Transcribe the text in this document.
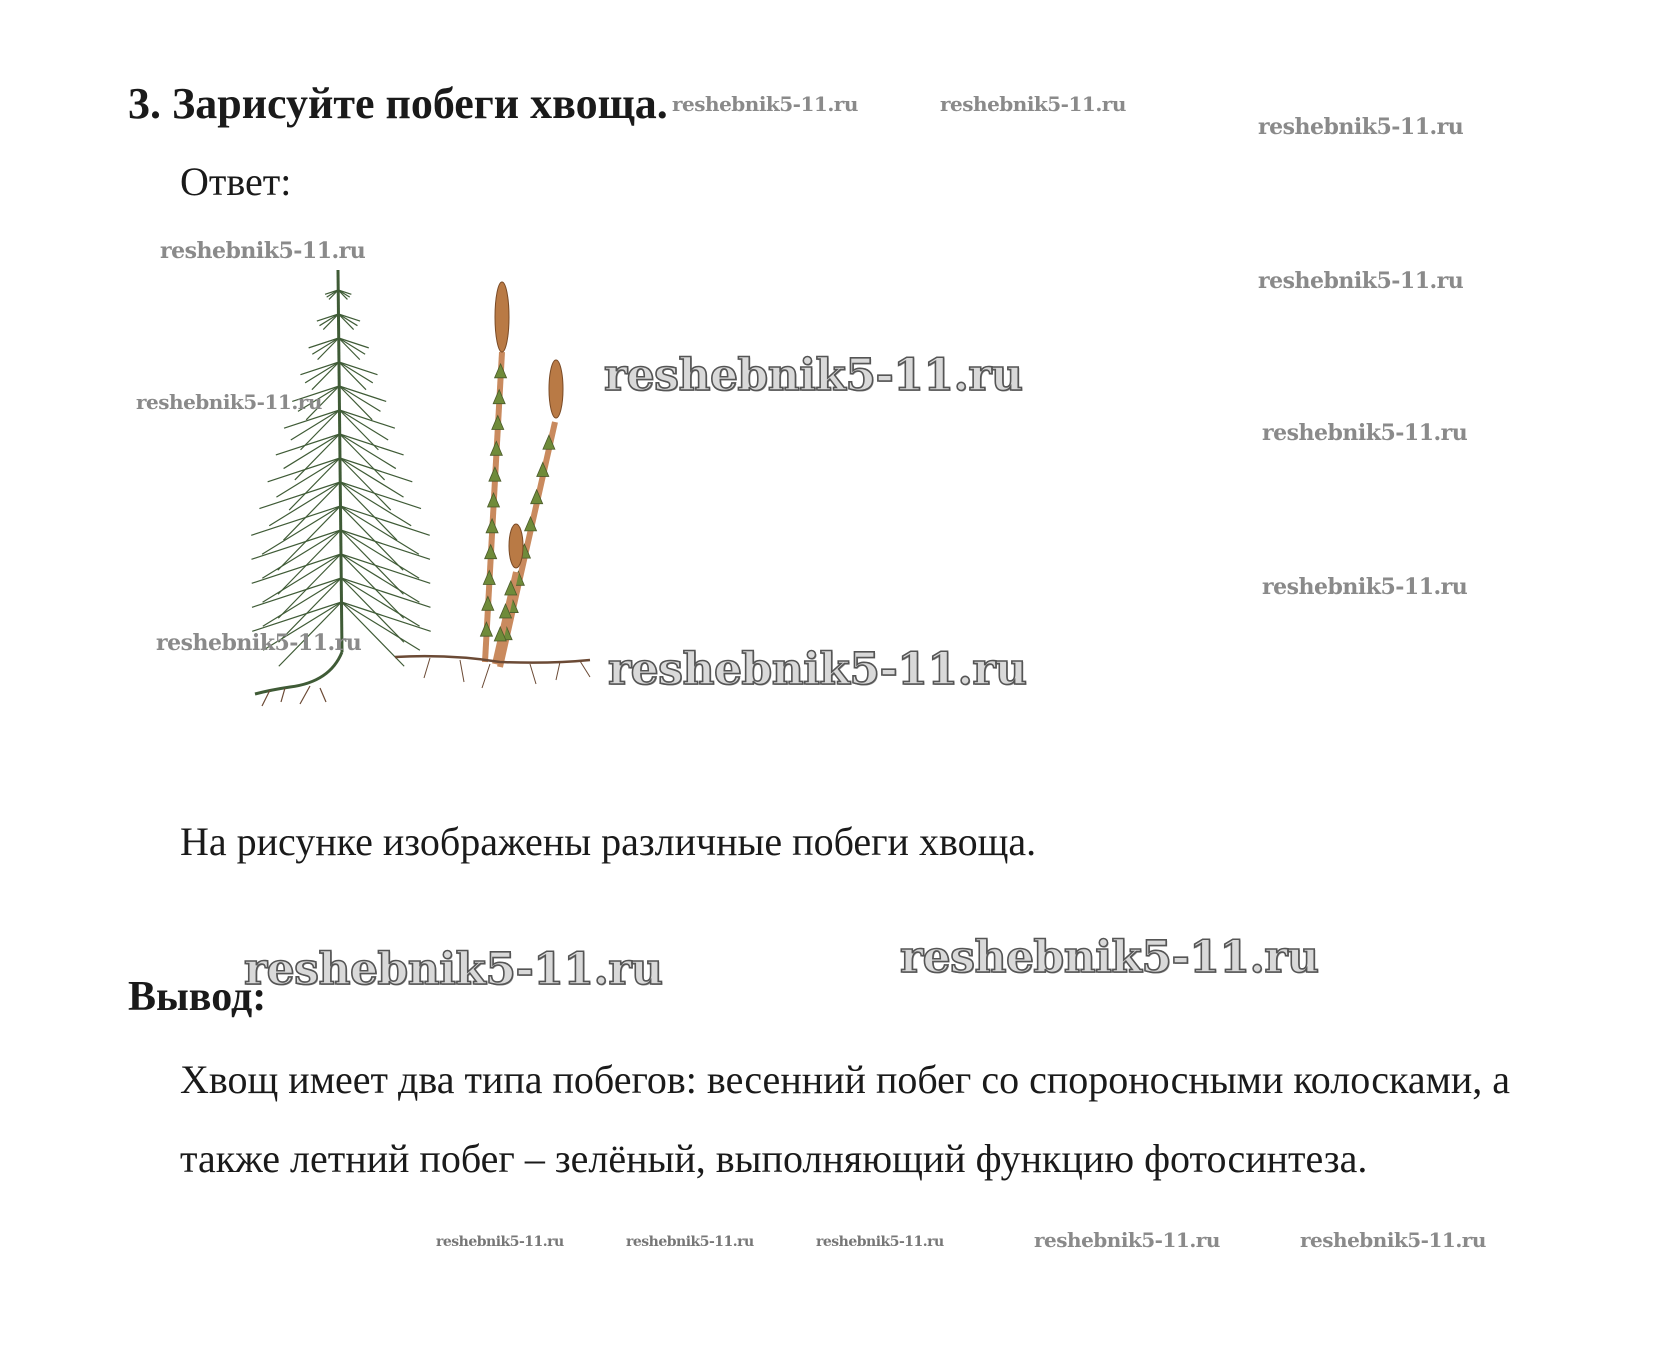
3. Зарисуйте побеги хвоща.
Ответ:
На рисунке изображены различные побеги хвоща.
Вывод:
Хвощ имеет два типа побегов: весенний побег со спороносными колосками, а также летний побег – зелёный, выполняющий функцию фотосинтеза.
reshebnik5-11.ru	reshebnik5-11.ru
reshebnik5-11.ru
reshebnik5-11.ru
reshebnik5-11.ru
reshebnik5-11.ru
reshebnik5-11.ru
reshebnik5-11.ru
reshebnik5-11.ru
reshebnik5-11.ru
reshebnik5-11.ru
reshebnik5-11.ru	reshebnik5-11.ru
reshebnik5-11.ru	reshebnik5-11.ru	reshebnik5-11.ru	reshebnik5-11.ru	reshebnik5-11.ru
